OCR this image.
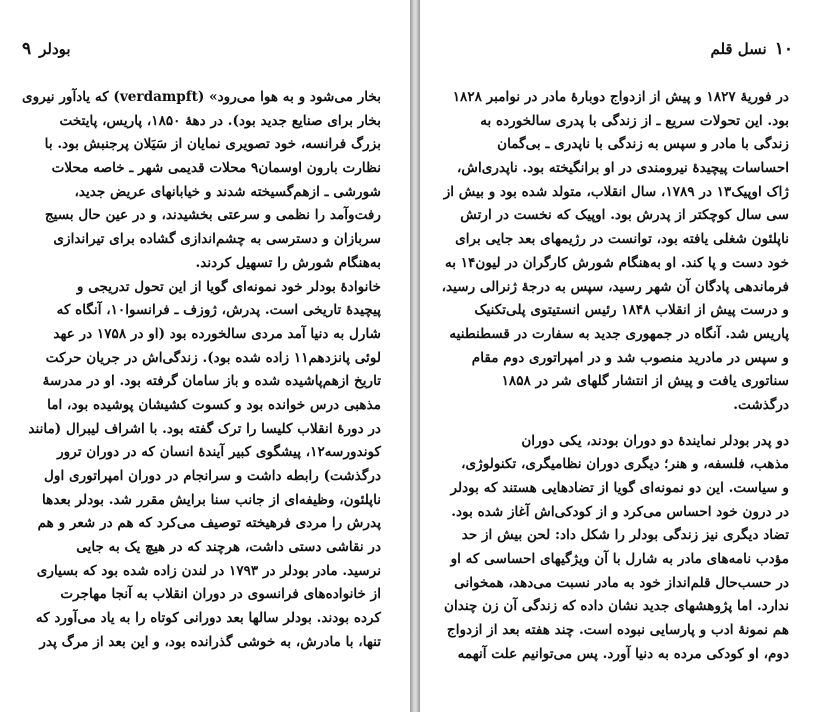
۹ بودلر
بخار می‌شود و به هوا می‌رود» (verdampft) که یادآور نیروی
بخار برای صنایع جدید بود). در دههٔ ۱۸۵۰، پاریس، پایتخت
بزرگ فرانسه، خود تصویری نمایان از سَیَلان پرجنبش بود. با
نظارت بارون اوسمان۹ محلات قدیمی شهر ـ خاصه محلات
شورشی ـ ازهم‌گسیخته شدند و خیابانهای عریض جدید،
رفت‌وآمد را نظمی و سرعتی بخشیدند، و در عین حال بسیج
سربازان و دسترسی به چشم‌اندازی گشاده برای تیراندازی
به‌هنگام شورش را تسهیل کردند.
خانوادهٔ بودلر خود نمونه‌ای گویا از این تحول تدریجی و
پیچیدهٔ تاریخی است. پدرش، ژوزف ـ فرانسوا۱۰، آنگاه که
شارل به دنیا آمد مردی سالخورده بود (او در ۱۷۵۸ در عهد
لوئی پانزدهم۱۱ زاده شده بود). زندگی‌اش در جریان حرکت
تاریخ ازهم‌پاشیده شده و باز سامان گرفته بود. او در مدرسهٔ
مذهبی درس خوانده بود و کسوت کشیشان پوشیده بود، اما
در دورهٔ انقلاب کلیسا را ترک گفته بود. با اشراف لیبرال (مانند
کوندورسه۱۲، پیشگوی کبیر آیندهٔ انسان که در دوران ترور
درگذشت) رابطه داشت و سرانجام در دوران امپراتوری اول
ناپلئون، وظیفه‌ای از جانب سنا برایش مقرر شد. بودلر بعدها
پدرش را مردی فرهیخته توصیف می‌کرد که هم در شعر و هم
در نقاشی دستی داشت، هرچند که در هیچ یک به جایی
نرسید. مادر بودلر در ۱۷۹۳ در لندن زاده شده بود که بسیاری
از خانواده‌های فرانسوی در دوران انقلاب به آنجا مهاجرت
کرده بودند. بودلر سالها بعد دورانی کوتاه را به یاد می‌آورد که
تنها، با مادرش، به خوشی گذرانده بود، و این بعد از مرگ پدر
۱۰
نسل قلم
در فوریهٔ ۱۸۲۷ و پیش از ازدواج دوبارهٔ مادر در نوامبر ۱۸۲۸
بود. این تحولات سریع ـ از زندگی با پدری سالخورده به
زندگی با مادر و سپس به زندگی با ناپدری ـ بی‌گمان
احساسات پیچیدهٔ نیرومندی در او برانگیخته بود. ناپدری‌اش،
ژاک اوپیک۱۳ در ۱۷۸۹، سال انقلاب، متولد شده بود و بیش از
سی سال کوچکتر از پدرش بود. اوپیک که نخست در ارتش
ناپلئون شغلی یافته بود، توانست در رژیمهای بعد جایی برای
خود دست و پا کند. او به‌هنگام شورش کارگران در لیون۱۴ به
فرماندهی پادگان آن شهر رسید، سپس به درجهٔ ژنرالی رسید،
و درست پیش از انقلاب ۱۸۴۸ رئیس انستیتوی پلی‌تکنیک
پاریس شد. آنگاه در جمهوری جدید به سفارت در قسطنطنیه
و سپس در مادرید منصوب شد و در امپراتوری دوم مقام
سناتوری یافت و پیش از انتشار گلهای شر در ۱۸۵۸
درگذشت.
دو پدر بودلر نمایندهٔ دو دوران بودند، یکی دوران
مذهب، فلسفه، و هنر؛ دیگری دوران نظامیگری، تکنولوژی،
و سیاست. این دو نمونه‌ای گویا از تضادهایی هستند که بودلر
در درون خود احساس می‌کرد و از کودکی‌اش آغاز شده بود.
تضاد دیگری نیز زندگی بودلر را شکل داد: لحن بیش از حد
مؤدب نامه‌های مادر به شارل با آن ویژگیهای احساسی که او
در حسب‌حال قلم‌انداز خود به مادر نسبت می‌دهد، همخوانی
ندارد. اما پژوهشهای جدید نشان داده که زندگی آن زن چندان
هم نمونهٔ ادب و پارسایی نبوده است. چند هفته بعد از ازدواج
دوم، او کودکی مرده به دنیا آورد. پس می‌توانیم علت آنهمه
